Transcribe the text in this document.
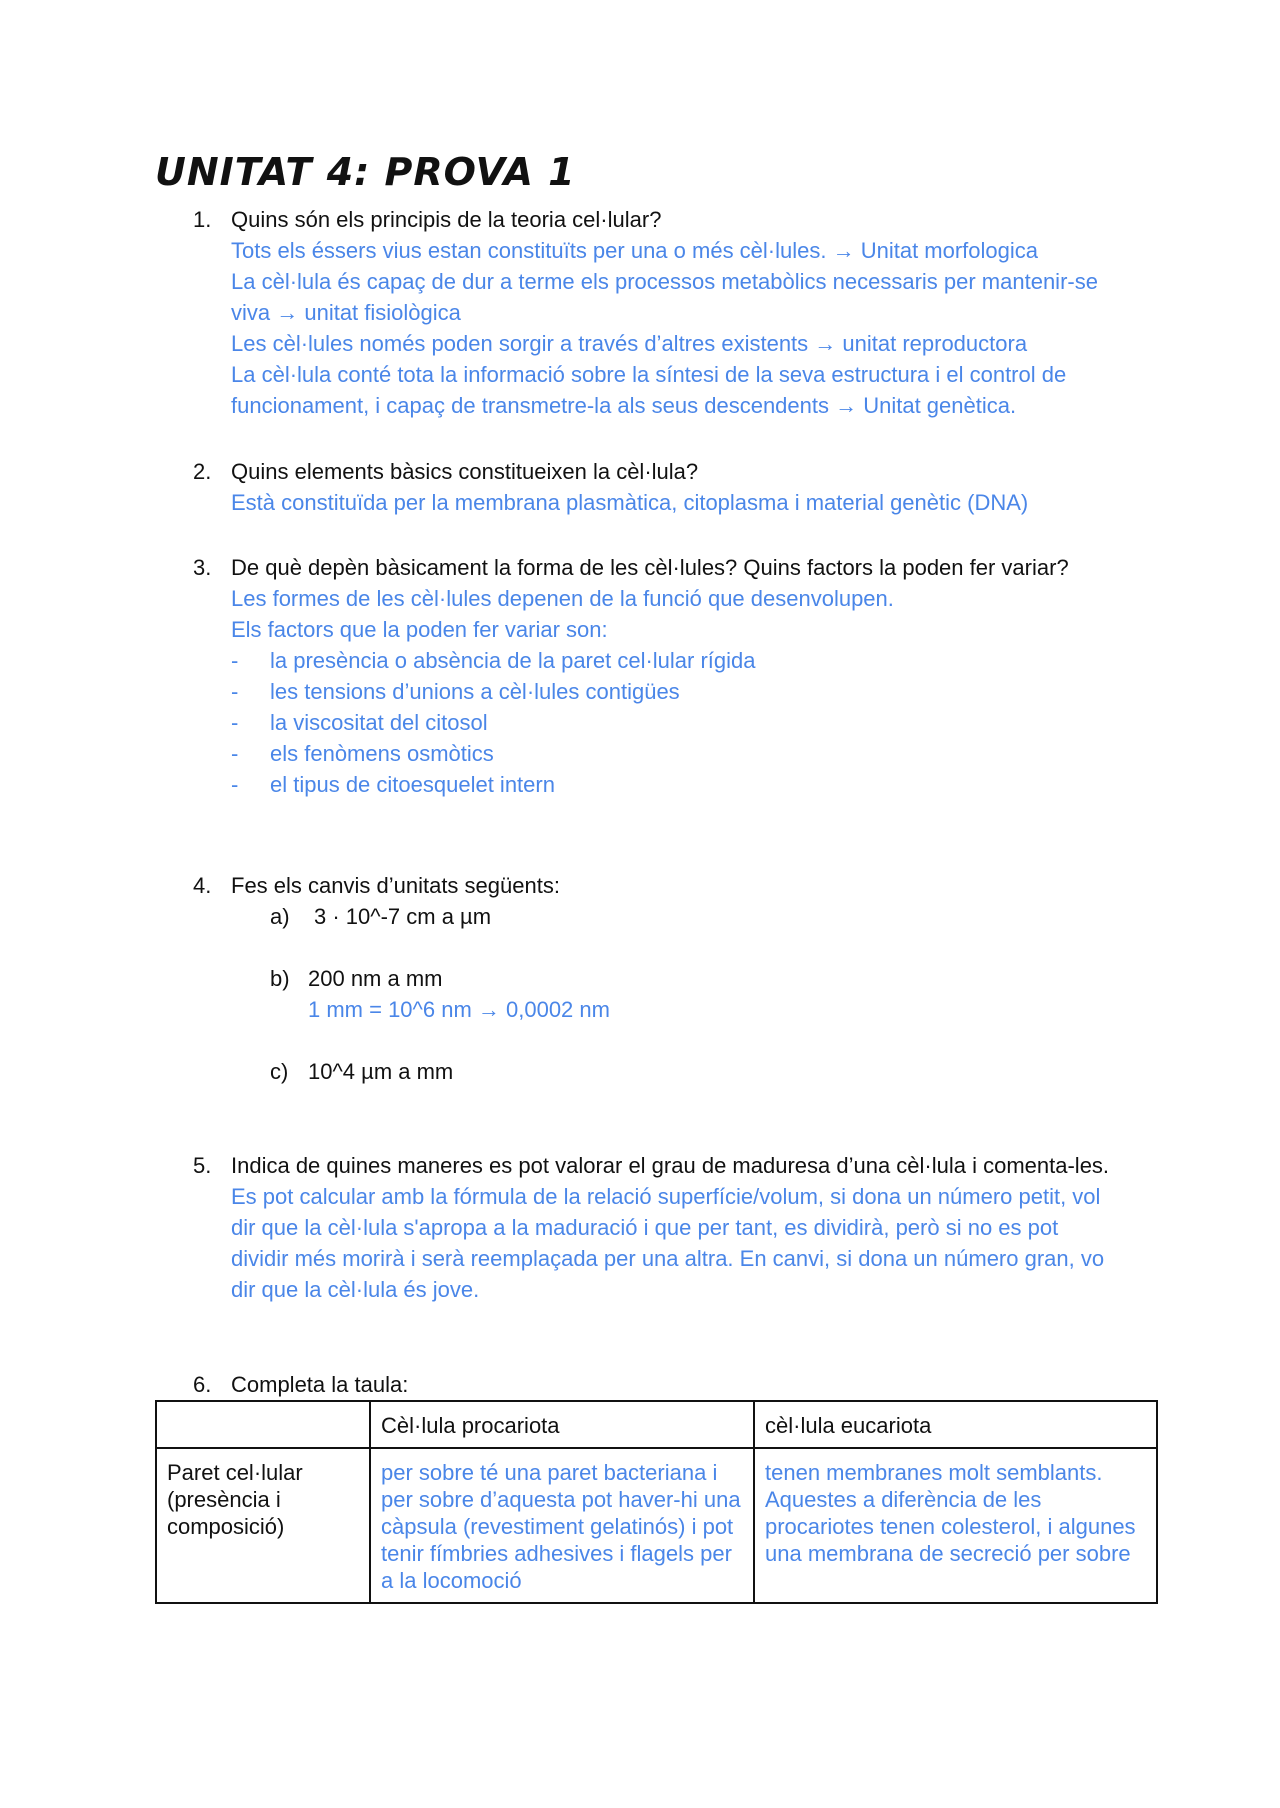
UNITAT 4: PROVA 1
1. Quins són els principis de la teoria cel·lular?

Tots els éssers vius estan constituïts per una o més cèl·lules. → Unitat morfologica

La cèl·lula és capaç de dur a terme els processos metabòlics necessaris per mantenir-se viva → unitat fisiològica

Les cèl·lules només poden sorgir a través d’altres existents → unitat reproductora

La cèl·lula conté tota la informació sobre la síntesi de la seva estructura i el control de funcionament, i capaç de transmetre-la als seus descendents → Unitat genètica.

2. Quins elements bàsics constitueixen la cèl·lula?
Està constituïda per la membrana plasmàtica, citoplasma i material genètic (DNA)
3. De què depèn bàsicament la forma de les cèl·lules? Quins factors la poden fer variar?
Les formes de les cèl·lules depenen de la funció que desenvolupen.
Els factors que la poden fer variar son:
- la presència o absència de la paret cel·lular rígida
- les tensions d’unions a cèl·lules contigües
- la viscositat del citosol
- els fenòmens osmòtics
- el tipus de citoesquelet intern
4. Fes els canvis d’unitats següents:
a) 3 · 10^-7 cm a µm
b) 200 nm a mm
1 mm = 10^6 nm → 0,0002 nm
c) 10^4 µm a mm
5. Indica de quines maneres es pot valorar el grau de maduresa d’una cèl·lula i comenta-les.
Es pot calcular amb la fórmula de la relació superfície/volum, si dona un número petit, vol dir que la cèl·lula s'apropa a la maduració i que per tant, es dividirà, però si no es pot dividir més morirà i serà reemplaçada per una altra. En canvi, si dona un número gran, vo dir que la cèl·lula és jove.
6. Completa la taula:
	Cèl·lula procariota	cèl·lula eucariota
Paret cel·lular (presència i composició)	per sobre té una paret bacteriana i per sobre d’aquesta pot haver-hi una càpsula (revestiment gelatinós) i pot tenir fímbries adhesives i flagels per a la locomoció	tenen membranes molt semblants. Aquestes a diferència de les procariotes tenen colesterol, i algunes una membrana de secreció per sobre
